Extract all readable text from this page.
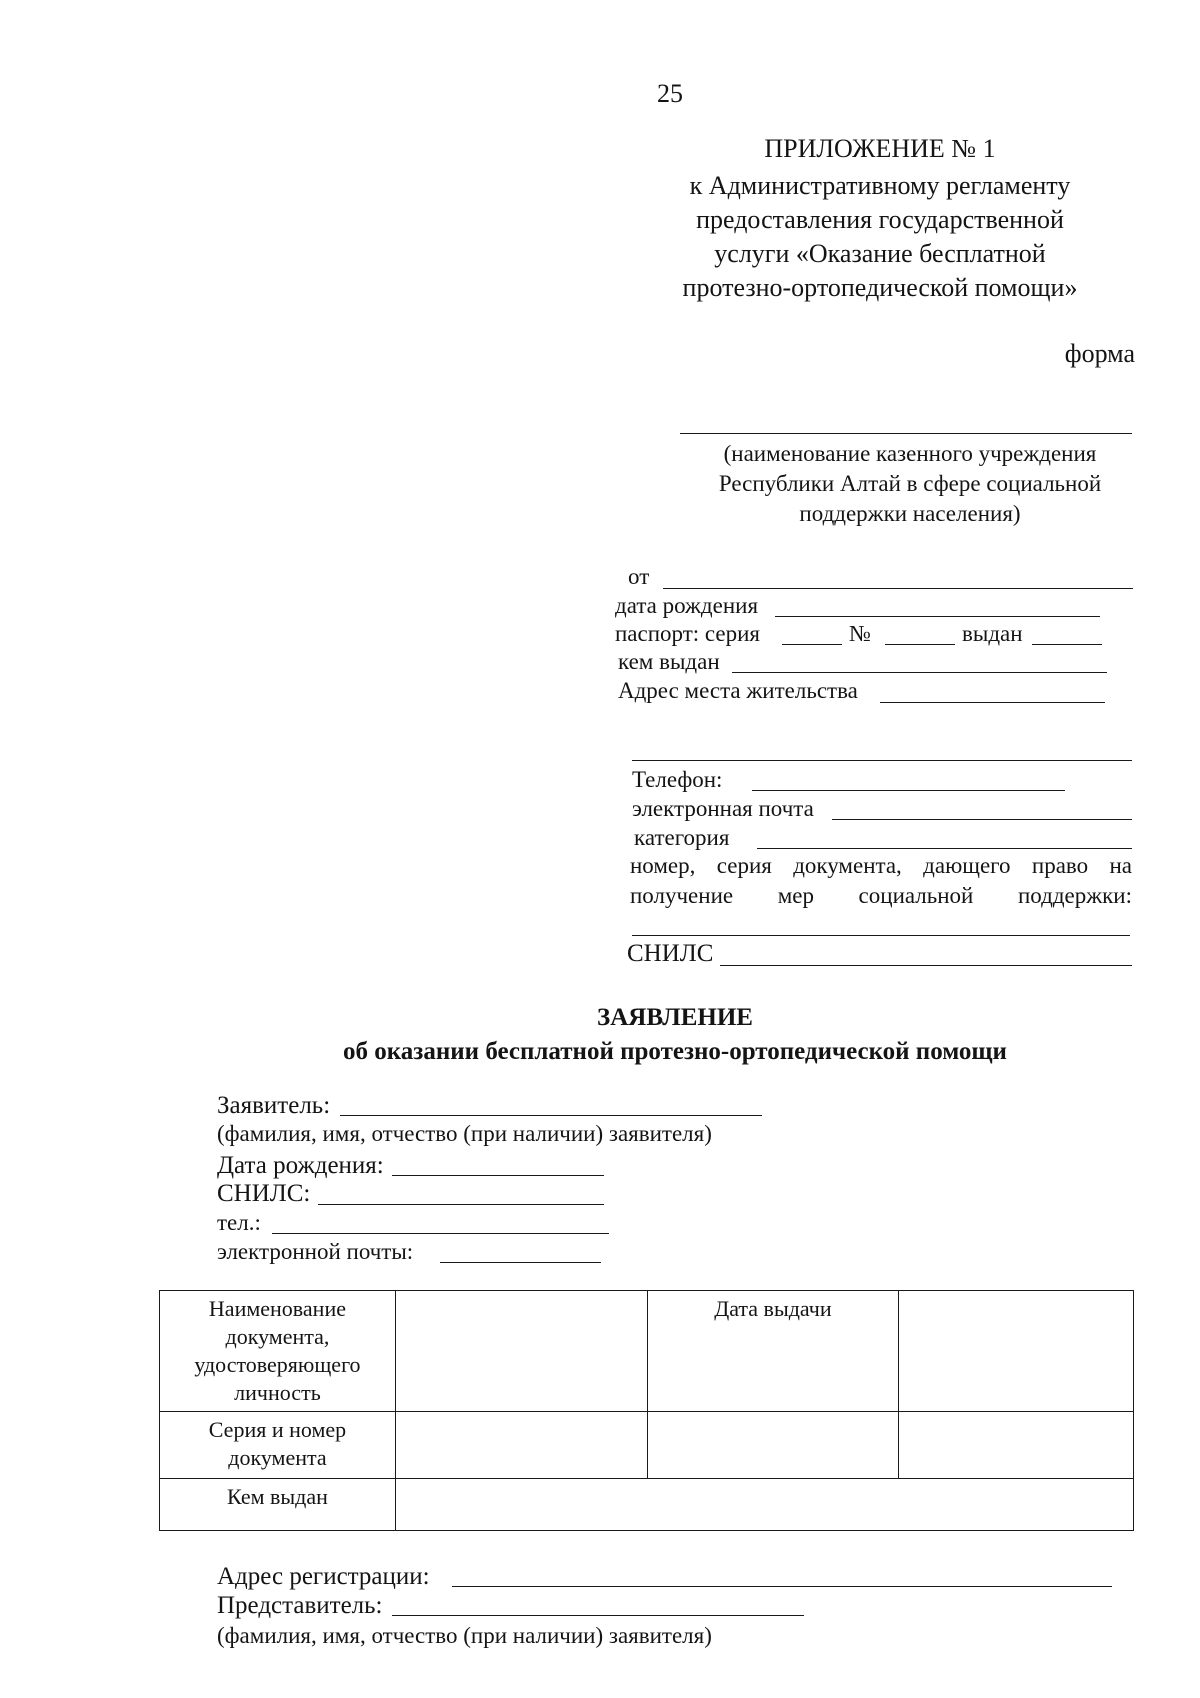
25
ПРИЛОЖЕНИЕ № 1
к Административному регламенту
предоставления государственной
услуги «Оказание бесплатной
протезно-ортопедической помощи»
форма
(наименование казенного учреждения
Республики Алтай в сфере социальной
поддержки населения)
от
дата рождения
паспорт: серия	№	выдан
кем выдан
Адрес места жительства
Телефон:
электронная почта
категория
номер, серия документа, дающего право на
получение мер социальной поддержки:
СНИЛС
ЗАЯВЛЕНИЕ
об оказании бесплатной протезно-ортопедической помощи
Заявитель:
(фамилия, имя, отчество (при наличии) заявителя)
Дата рождения:
СНИЛС:
тел.:
электронной почты:
Наименование документа, удостоверяющего личность		Дата выдачи	
Серия и номер документа			
Кем выдан			
Адрес регистрации:
Представитель:
(фамилия, имя, отчество (при наличии) заявителя)
